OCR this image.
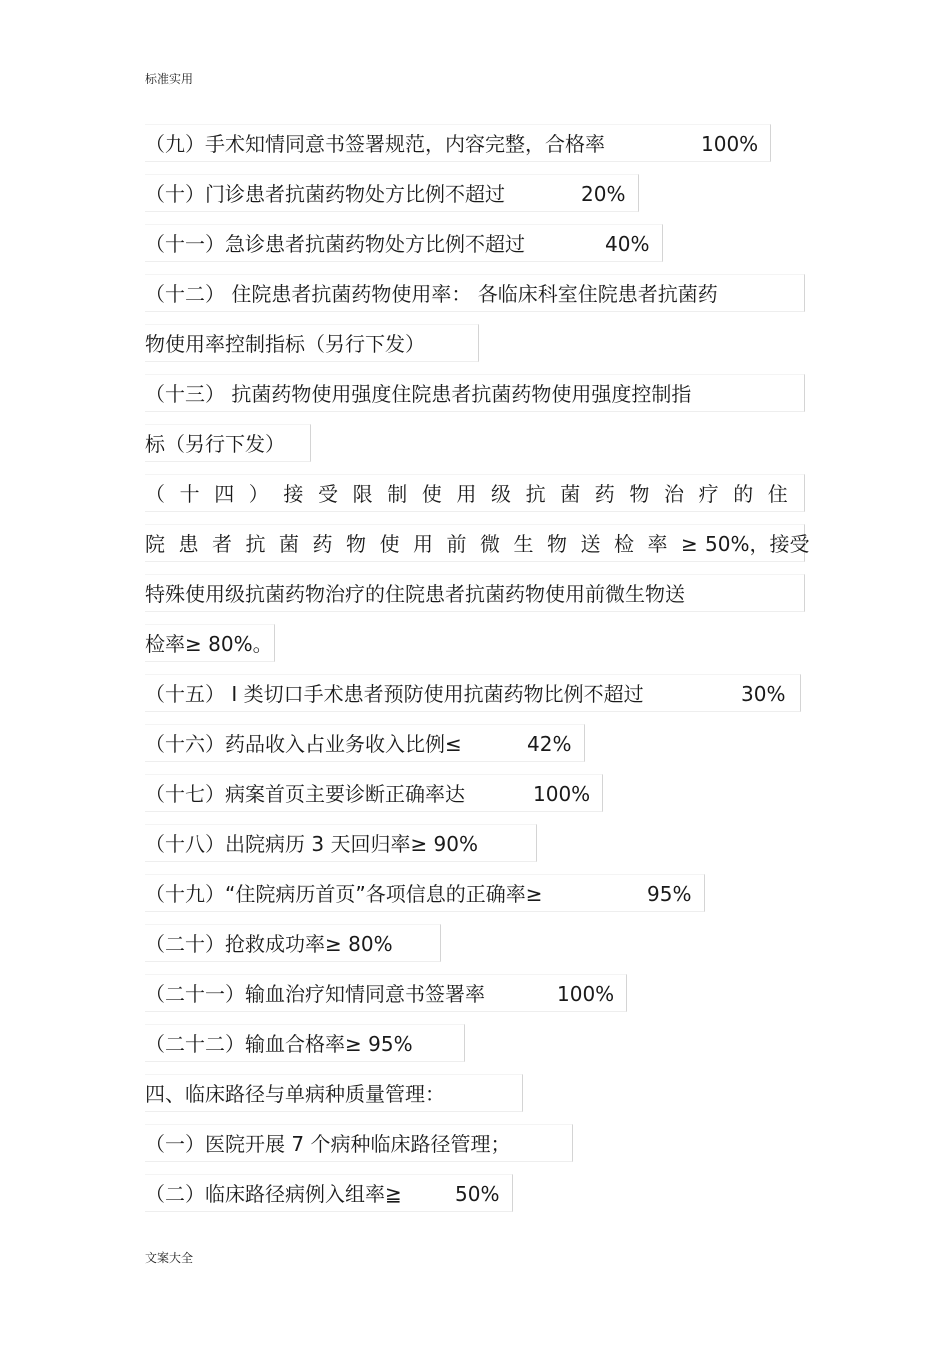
标准实用
（九）手术知情同意书签署规范，内容完整，合格率	100%
（十）门诊患者抗菌药物处方比例不超过	20%
（十一）急诊患者抗菌药物处方比例不超过	40%
（十二） 住院患者抗菌药物使用率： 各临床科室住院患者抗菌药
物使用率控制指标（另行下发）
（十三） 抗菌药物使用强度住院患者抗菌药物使用强度控制指
标（另行下发）
（十四）接受限制使用级抗菌药物治疗的住
院患者抗菌药物使用前微生物送检率≥
50%，接受
特殊使用级抗菌药物治疗的住院患者抗菌药物使用前微生物送
检率≥ 80%。
（十五） Ⅰ 类切口手术患者预防使用抗菌药物比例不超过	30%
（十六）药品收入占业务收入比例≤	42%
（十七）病案首页主要诊断正确率达	100%
（十八）出院病历 3 天回归率≥ 90%
（十九）“住院病历首页”各项信息的正确率≥	95%
（二十）抢救成功率≥ 80%
（二十一）输血治疗知情同意书签署率	100%
（二十二）输血合格率≥ 95%
四、临床路径与单病种质量管理：
（一）医院开展 7 个病种临床路径管理；
（二）临床路径病例入组率≧	50%
文案大全
